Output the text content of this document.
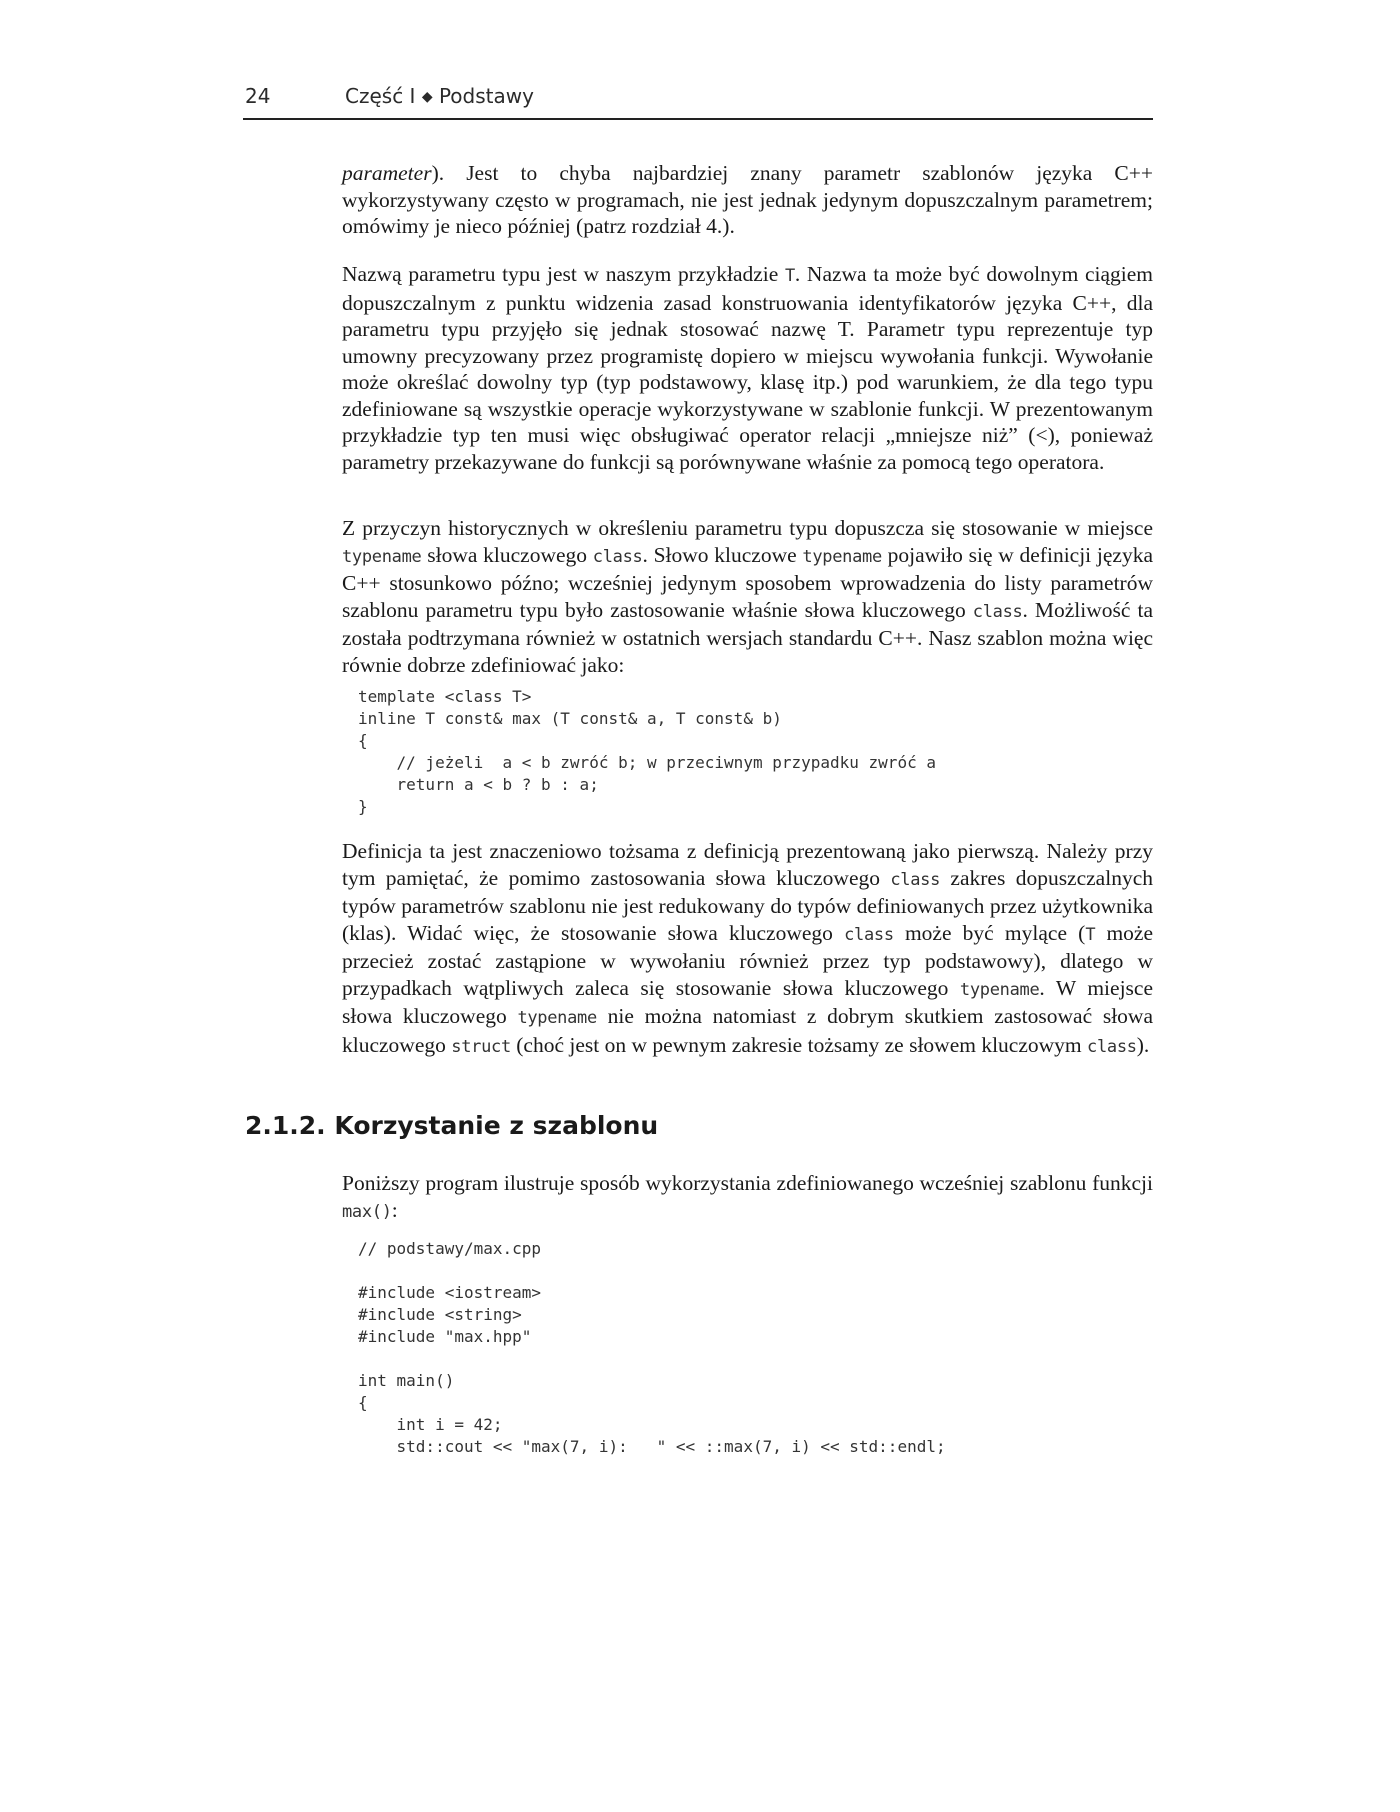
24	Część I ◆ Podstawy

parameter). Jest to chyba najbardziej znany parametr szablonów języka C++ wykorzystywany często w programach, nie jest jednak jedynym dopuszczalnym parametrem; omówimy je nieco później (patrz rozdział 4.).

Nazwą parametru typu jest w naszym przykładzie T. Nazwa ta może być dowolnym ciągiem dopuszczalnym z punktu widzenia zasad konstruowania identyfikatorów języka C++, dla parametru typu przyjęło się jednak stosować nazwę T. Parametr typu reprezentuje typ umowny precyzowany przez programistę dopiero w miejscu wywołania funkcji. Wywołanie może określać dowolny typ (typ podstawowy, klasę itp.) pod warunkiem, że dla tego typu zdefiniowane są wszystkie operacje wykorzystywane w szablonie funkcji. W prezentowanym przykładzie typ ten musi więc obsługiwać operator relacji „mniejsze niż” (<), ponieważ parametry przekazywane do funkcji są porównywane właśnie za pomocą tego operatora.

Z przyczyn historycznych w określeniu parametru typu dopuszcza się stosowanie w miejsce typename słowa kluczowego class. Słowo kluczowe typename pojawiło się w definicji języka C++ stosunkowo późno; wcześniej jedynym sposobem wprowadzenia do listy parametrów szablonu parametru typu było zastosowanie właśnie słowa kluczowego class. Możliwość ta została podtrzymana również w ostatnich wersjach standardu C++. Nasz szablon można więc równie dobrze zdefiniować jako:

template <class T>
inline T const& max (T const& a, T const& b)
{
// jeżeli  a < b zwróć b; w przeciwnym przypadku zwróć a
return a < b ? b : a;
}

Definicja ta jest znaczeniowo tożsama z definicją prezentowaną jako pierwszą. Należy przy tym pamiętać, że pomimo zastosowania słowa kluczowego class zakres dopuszczalnych typów parametrów szablonu nie jest redukowany do typów definiowanych przez użytkownika (klas). Widać więc, że stosowanie słowa kluczowego class może być mylące (T może przecież zostać zastąpione w wywołaniu również przez typ podstawowy), dlatego w przypadkach wątpliwych zaleca się stosowanie słowa kluczowego typename. W miejsce słowa kluczowego typename nie można natomiast z dobrym skutkiem zastosować słowa kluczowego struct (choć jest on w pewnym zakresie tożsamy ze słowem kluczowym class).

2.1.2. Korzystanie z szablonu

Poniższy program ilustruje sposób wykorzystania zdefiniowanego wcześniej szablonu funkcji max():

// podstawy/max.cpp

#include <iostream>
#include <string>
#include "max.hpp"

int main()
{
int i = 42;
std::cout << "max(7, i):   " << ::max(7, i) << std::endl;
